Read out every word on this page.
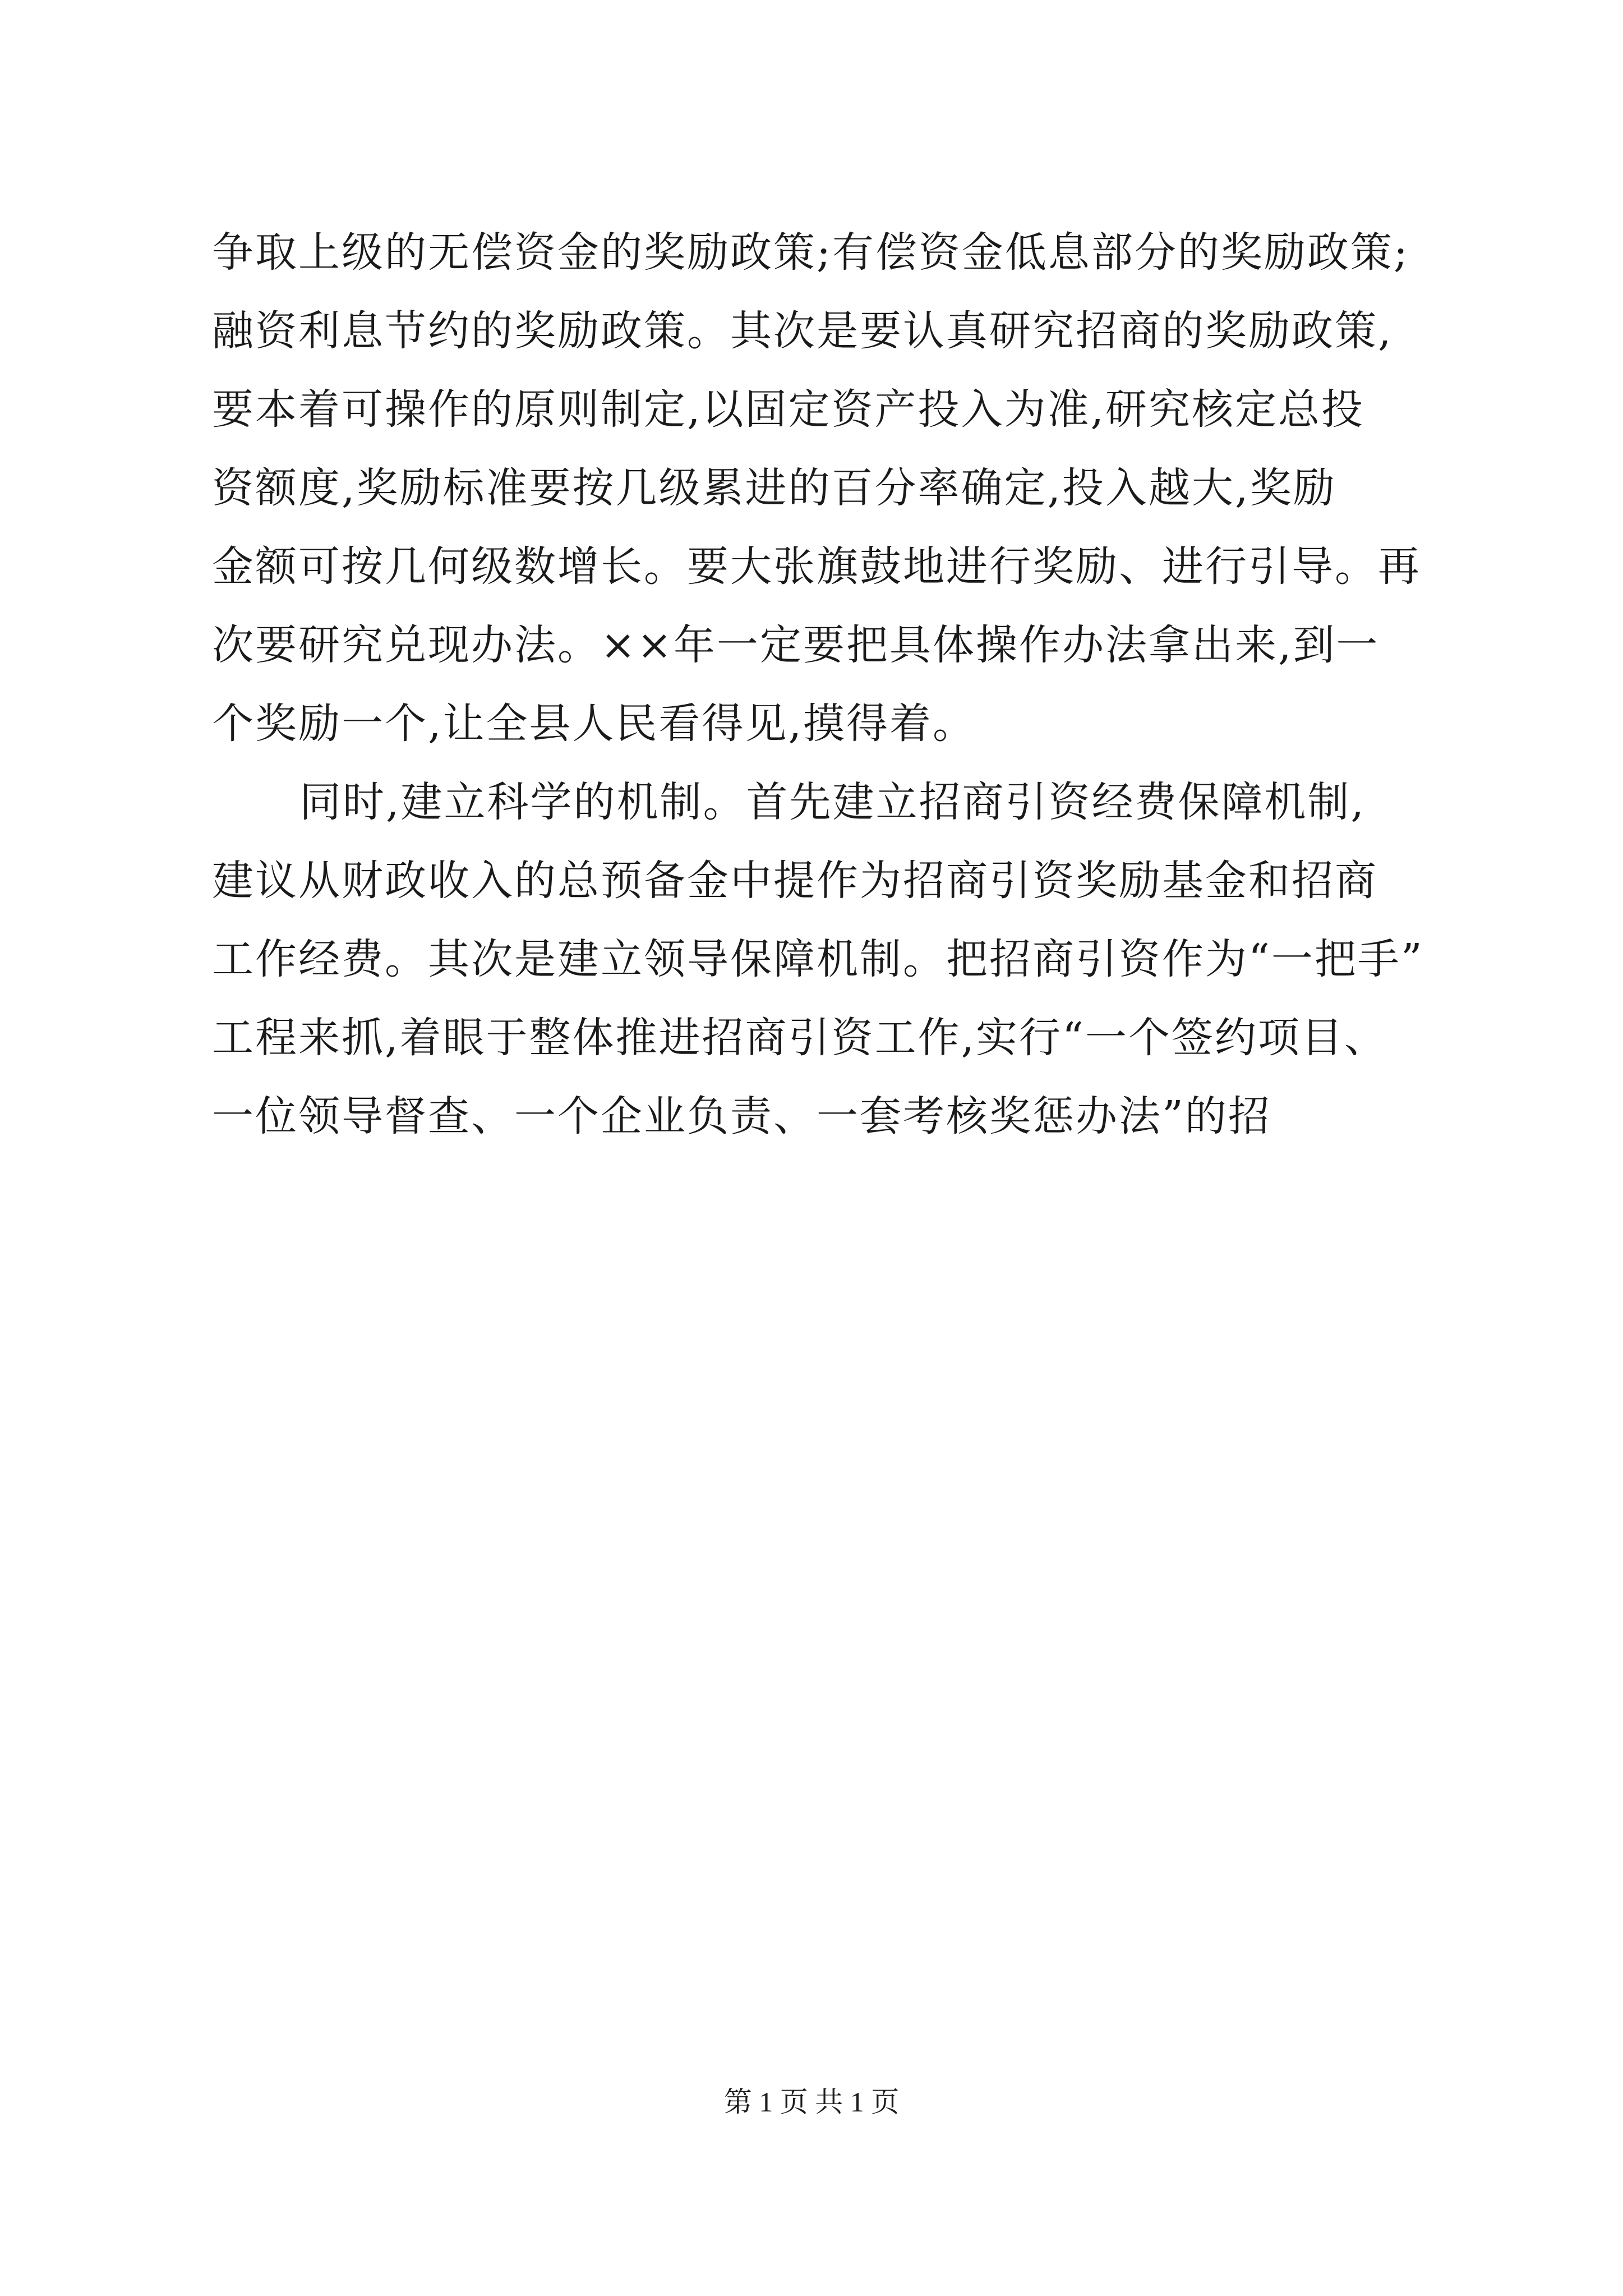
争取上级的无偿资金的奖励政策;有偿资金低息部分的奖励政策;
融资利息节约的奖励政策。其次是要认真研究招商的奖励政策,
要本着可操作的原则制定,以固定资产投入为准,研究核定总投
资额度,奖励标准要按几级累进的百分率确定,投入越大,奖励
金额可按几何级数增长。要大张旗鼓地进行奖励、进行引导。再
次要研究兑现办法。××年一定要把具体操作办法拿出来,到一
个奖励一个,让全县人民看得见,摸得着。
同时,建立科学的机制。首先建立招商引资经费保障机制,
建议从财政收入的总预备金中提作为招商引资奖励基金和招商
工作经费。其次是建立领导保障机制。把招商引资作为“一把手”
工程来抓,着眼于整体推进招商引资工作,实行“一个签约项目、
一位领导督查、一个企业负责、一套考核奖惩办法”的招
第 1 页 共 1 页
